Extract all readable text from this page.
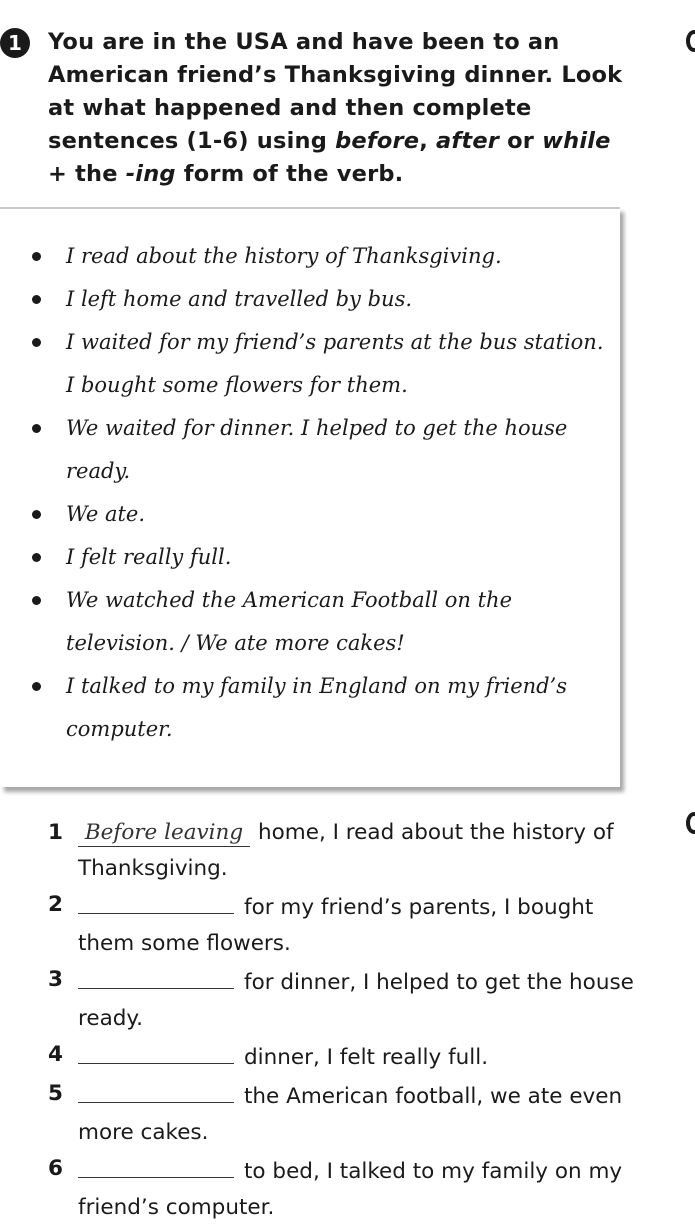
1	You are in the USA and have been to an American friend’s Thanksgiving dinner. Look at what happened and then complete sentences (1-6) using before, after or while + the -ing form of the verb.
I read about the history of Thanksgiving.
I left home and travelled by bus.
I waited for my friend’s parents at the bus station. I bought some flowers for them.
We waited for dinner. I helped to get the house ready.
We ate.
I felt really full.
We watched the American Football on the television. / We ate more cakes!
I talked to my family in England on my friend’s computer.
1 Before leaving home, I read about the history of Thanksgiving.
2	for my friend’s parents, I bought them some flowers.
3	for dinner, I helped to get the house ready.
4	dinner, I felt really full.
5	the American football, we ate even more cakes.
6	to bed, I talked to my family on my friend’s computer.
